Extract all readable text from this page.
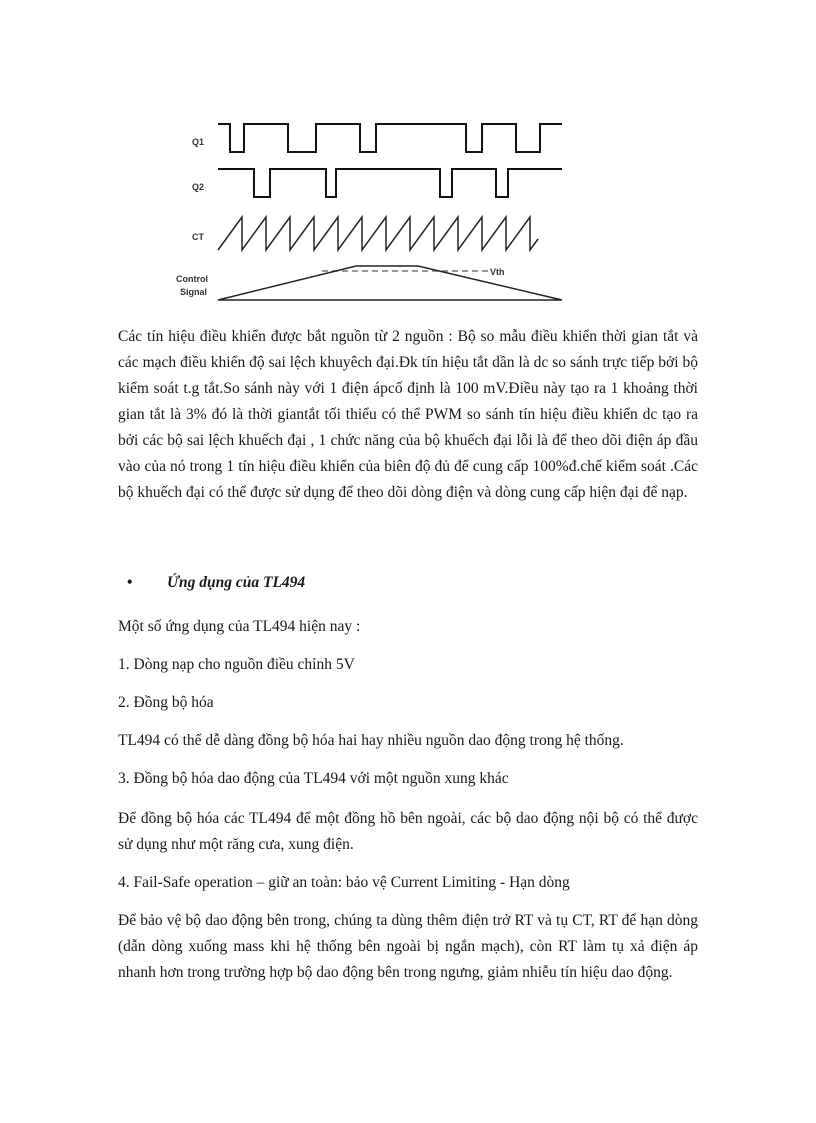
Q1
Q2
CT
Control
Signal
Vth

Các tín hiệu điều khiển được bắt nguồn từ 2 nguồn : Bộ so mẫu điều khiển thời gian tắt và các mạch điều khiển độ sai lệch khuyêch đại.Đk tín hiệu tắt dần là dc so sánh trực tiếp bởi bộ kiểm soát t.g tắt.So sánh này với 1 điện ápcố định là 100 mV.Điều này tạo ra 1 khoảng thời gian tắt là 3% đó là thời giantắt tối thiểu có thể PWM so sánh tín hiệu điều khiển dc tạo ra bởi các bộ sai lệch khuếch đại , 1 chức năng của bộ khuếch đại lỗi là để theo dõi điện áp đầu vào của nó trong 1 tín hiệu điều khiển của biên độ đủ để cung cấp 100%đ.chế kiểm soát .Các bộ khuếch đại có thể được sử dụng để theo dõi dòng điện và dòng cung cấp hiện đại để nạp.

• Ứng dụng của TL494

Một số ứng dụng của TL494 hiện nay :

1. Dòng nạp cho nguồn điều chỉnh 5V

2. Đồng bộ hóa

TL494 có thể dễ dàng đồng bộ hóa hai hay nhiều nguồn dao động trong hệ thống.

3. Đồng bộ hóa dao động của TL494 với một nguồn xung khác

Để đồng bộ hóa các TL494 để một đồng hồ bên ngoài, các bộ dao động nội bộ có thể được sử dụng như một răng cưa, xung điện.

4. Fail-Safe operation – giữ an toàn: bảo vệ Current Limiting - Hạn dòng

Để bảo vệ bộ dao động bên trong, chúng ta dùng thêm điện trở RT và tụ CT, RT để hạn dòng (dẫn dòng xuống mass khi hệ thống bên ngoài bị ngắn mạch), còn RT làm tụ xả điện áp nhanh hơn trong trường hợp bộ dao động bên trong ngưng, giảm nhiễu tín hiệu dao động.
